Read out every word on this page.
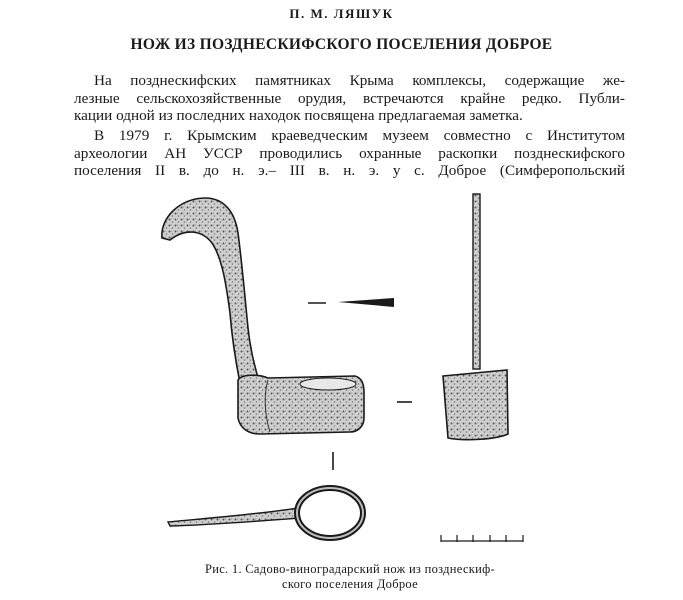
П. М. ЛЯШУК
НОЖ ИЗ ПОЗДНЕСКИФСКОГО ПОСЕЛЕНИЯ ДОБРОЕ
На позднескифских памятниках Крыма комплексы, содержащие же-
лезные сельскохозяйственные орудия, встречаются крайне редко. Публи-
кации одной из последних находок посвящена предлагаемая заметка.
В 1979 г. Крымским краеведческим музеем совместно с Институтом
археологии АН УССР проводились охранные раскопки позднескифского
поселения II в. до н. э.– III в. н. э. у с. Доброе (Симферопольский
Рис. 1. Садово-виноградарский нож из позднескиф-
ского поселения Доброе
